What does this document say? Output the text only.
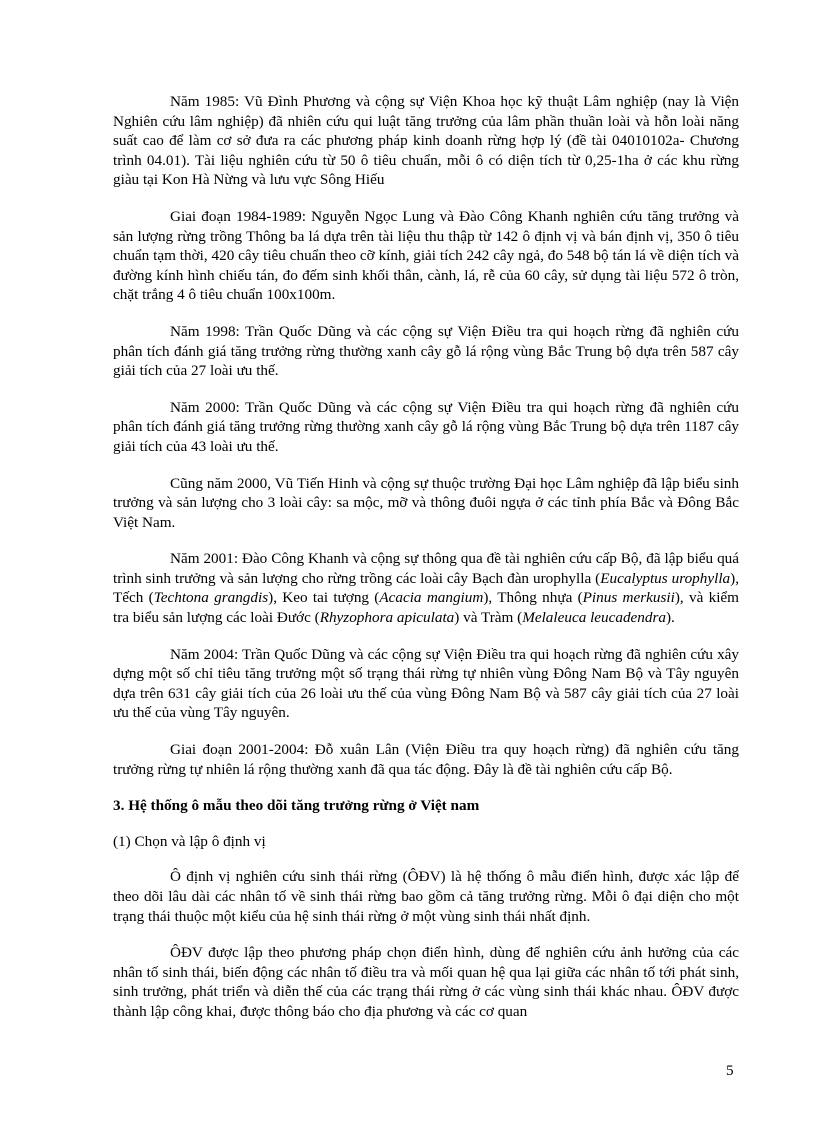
Năm 1985: Vũ Đình Phương và cộng sự Viện Khoa học kỹ thuật Lâm nghiệp (nay là Viện Nghiên cứu lâm nghiệp) đã nhiên cứu qui luật tăng trưởng của lâm phần thuần loài và hỗn loài năng suất cao để làm cơ sở đưa ra các phương pháp kinh doanh rừng hợp lý (đề tài 04010102a- Chương trình 04.01). Tài liệu nghiên cứu từ 50 ô tiêu chuẩn, mỗi ô có diện tích từ 0,25-1ha ở các khu rừng giàu tại Kon Hà Nừng và lưu vực Sông Hiếu

Giai đoạn 1984-1989: Nguyễn Ngọc Lung và Đào Công Khanh nghiên cứu tăng trưởng và sản lượng rừng trồng Thông ba lá dựa trên tài liệu thu thập từ 142 ô định vị và bán định vị, 350 ô tiêu chuẩn tạm thời, 420 cây tiêu chuẩn theo cỡ kính, giải tích 242 cây ngả, đo 548 bộ tán lá về diện tích và đường kính hình chiếu tán, đo đếm sinh khối thân, cành, lá, rễ của 60 cây, sử dụng tài liệu 572 ô tròn, chặt trắng 4 ô tiêu chuẩn 100x100m.

Năm 1998: Trần Quốc Dũng và các cộng sự Viện Điều tra qui hoạch rừng đã nghiên cứu phân tích đánh giá tăng trưởng rừng thường xanh cây gỗ lá rộng vùng Bắc Trung bộ dựa trên 587 cây giải tích của 27 loài ưu thế.

Năm 2000: Trần Quốc Dũng và các cộng sự Viện Điều tra qui hoạch rừng đã nghiên cứu phân tích đánh giá tăng trưởng rừng thường xanh cây gỗ lá rộng vùng Bắc Trung bộ dựa trên 1187 cây giải tích của 43 loài ưu thế.

Cũng năm 2000, Vũ Tiến Hinh và cộng sự thuộc trường Đại học Lâm nghiệp đã lập biểu sinh trưởng và sản lượng cho 3 loài cây: sa mộc, mỡ và thông đuôi ngựa ở các tỉnh phía Bắc và Đông Bắc Việt Nam.

Năm 2001: Đào Công Khanh và cộng sự thông qua đề tài nghiên cứu cấp Bộ, đã lập biểu quá trình sinh trưởng và sản lượng cho rừng trồng các loài cây Bạch đàn urophylla (Eucalyptus urophylla), Tếch (Techtona grangdis), Keo tai tượng (Acacia mangium), Thông nhựa (Pinus merkusii), và kiểm tra biểu sản lượng các loài Đước (Rhyzophora apiculata) và Tràm (Melaleuca leucadendra).

Năm 2004: Trần Quốc Dũng và các cộng sự Viện Điều tra qui hoạch rừng đã nghiên cứu xây dựng một số chỉ tiêu tăng trưởng một số trạng thái rừng tự nhiên vùng Đông Nam Bộ và Tây nguyên dựa trên 631 cây giải tích của 26 loài ưu thế của vùng Đông Nam Bộ và 587 cây giải tích của 27 loài ưu thế của vùng Tây nguyên.

Giai đoạn 2001-2004: Đỗ xuân Lân (Viện Điều tra quy hoạch rừng) đã nghiên cứu tăng trưởng rừng tự nhiên lá rộng thường xanh đã qua tác động. Đây là đề tài nghiên cứu cấp Bộ.

3. Hệ thống ô mẫu theo dõi tăng trưởng rừng ở Việt nam

(1) Chọn và lập ô định vị

Ô định vị nghiên cứu sinh thái rừng (ÔĐV) là hệ thống ô mẫu điển hình, được xác lập để theo dõi lâu dài các nhân tố về sinh thái rừng bao gồm cả tăng trưởng rừng. Mỗi ô đại diện cho một trạng thái thuộc một kiểu của hệ sinh thái rừng ở một vùng sinh thái nhất định.

ÔĐV được lập theo phương pháp chọn điển hình, dùng để nghiên cứu ảnh hưởng của các nhân tố sinh thái, biến động các nhân tố điều tra và mối quan hệ qua lại giữa các nhân tố tới phát sinh, sinh trưởng, phát triển và diễn thế của các trạng thái rừng ở các vùng sinh thái khác nhau. ÔĐV được thành lập công khai, được thông báo cho địa phương và các cơ quan

5
